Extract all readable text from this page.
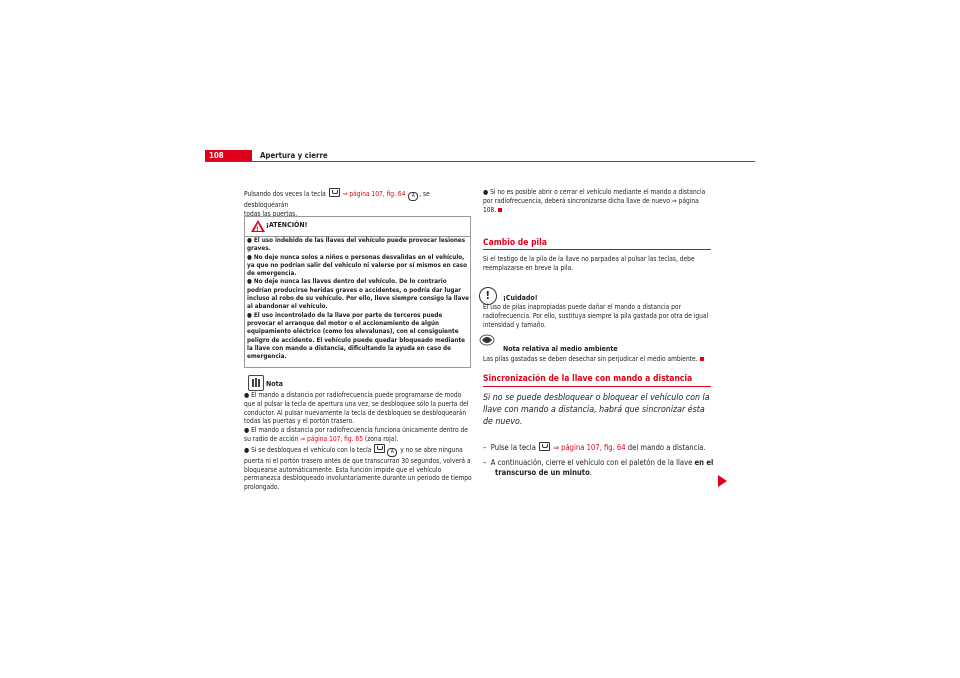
108	Apertura y cierre

Pulsando dos veces la tecla	⇒ página 107, fig. 64 A , se desbloquearán

todas las puertas.

! ¡ATENCIÓN!

● El uso indebido de las llaves del vehículo puede provocar lesiones graves.

● No deje nunca solos a niños o personas desvalidas en el vehículo, ya que no podrían salir del vehículo ni valerse por sí mismos en caso de emergencia.

● No deje nunca las llaves dentro del vehículo. De lo contrario podrían producirse heridas graves o accidentes, o podría dar lugar incluso al robo de su vehículo. Por ello, lleve siempre consigo la llave al abandonar el vehículo.

● El uso incontrolado de la llave por parte de terceros puede provocar el arranque del motor o el accionamiento de algún equipamiento eléctrico (como los elevalunas), con el consiguiente peligro de accidente. El vehículo puede quedar bloqueado mediante la llave con mando a distancia, dificultando la ayuda en caso de emergencia.

Nota

● El mando a distancia por radiofrecuencia puede programarse de modo que al pulsar la tecla de apertura una vez, se desbloquee sólo la puerta del conductor. Al pulsar nuevamente la tecla de desbloqueo se desbloquearán todas las puertas y el portón trasero.

● El mando a distancia por radiofrecuencia funciona únicamente dentro de su radio de acción ⇒ página 107, fig. 65 (zona roja).

● Si se desbloquea el vehículo con la tecla	A y no se abre ninguna puerta ni el portón trasero antes de que transcurran 30 segundos, volverá a bloquearse automáticamente. Esta función impide que el vehículo permanezca desbloqueado involuntariamente durante un periodo de tiempo prolongado.

● Si no es posible abrir o cerrar el vehículo mediante el mando a distancia por radiofrecuencia, deberá sincronizarse dicha llave de nuevo ⇒ página 108.

Cambio de pila
Si el testigo de la pila de la llave no parpadea al pulsar las teclas, debe reemplazarse en breve la pila.
!
¡Cuidado!
El uso de pilas inapropiadas puede dañar el mando a distancia por radiofrecuencia. Por ello, sustituya siempre la pila gastada por otra de igual intensidad y tamaño.
Nota relativa al medio ambiente

Las pilas gastadas se deben desechar sin perjudicar el medio ambiente.

Sincronización de la llave con mando a distancia
Si no se puede desbloquear o bloquear el vehículo con la llave con mando a distancia, habrá que sincronizar ésta de nuevo.

–  Pulse la tecla ⇒ página 107, fig. 64 del mando a distancia.

–  A continuación, cierre el vehículo con el paletón de la llave en el transcurso de un minuto.
